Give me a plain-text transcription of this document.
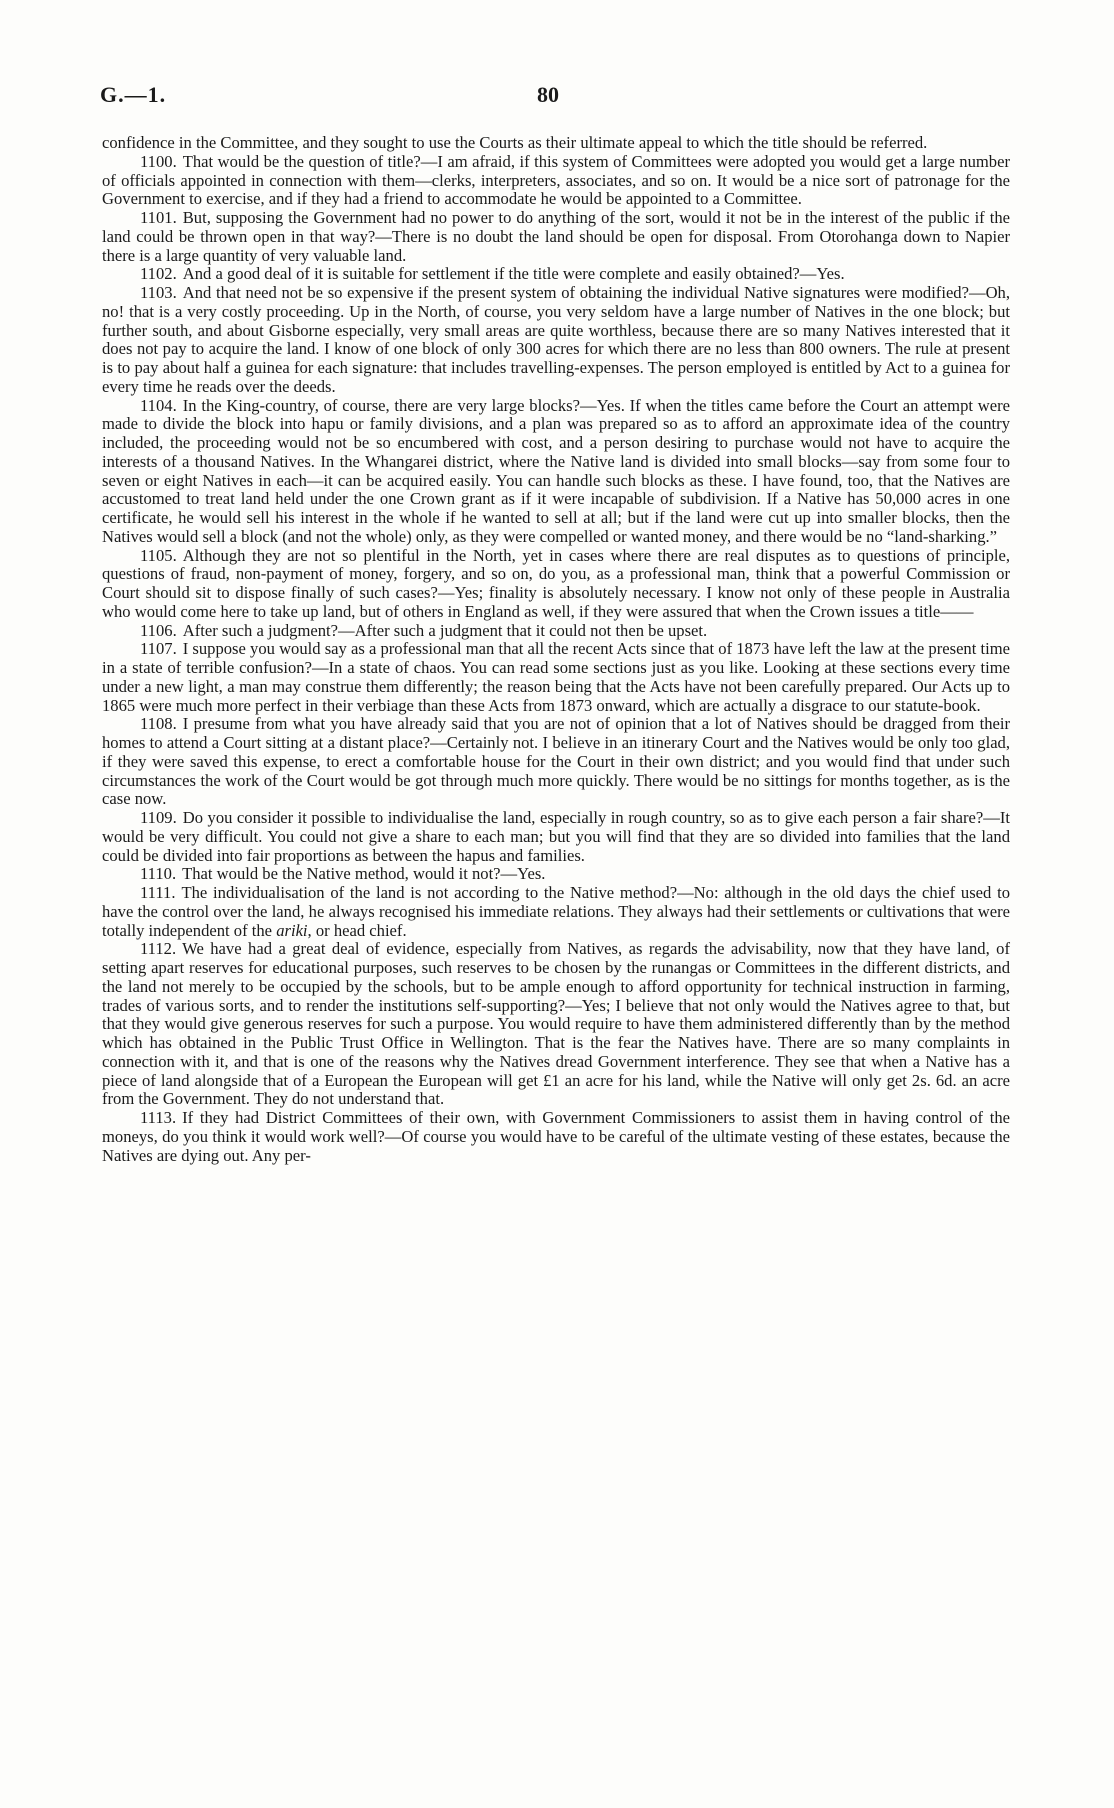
G.—1.	80

confidence in the Committee, and they sought to use the Courts as their ultimate appeal to which the title should be referred.

1100. That would be the question of title?—I am afraid, if this system of Committees were adopted you would get a large number of officials appointed in connection with them—clerks, interpreters, associates, and so on. It would be a nice sort of patronage for the Government to exercise, and if they had a friend to accommodate he would be appointed to a Committee.

1101. But, supposing the Government had no power to do anything of the sort, would it not be in the interest of the public if the land could be thrown open in that way?—There is no doubt the land should be open for disposal. From Otorohanga down to Napier there is a large quantity of very valuable land.

1102. And a good deal of it is suitable for settlement if the title were complete and easily obtained?—Yes.

1103. And that need not be so expensive if the present system of obtaining the individual Native signatures were modified?—Oh, no! that is a very costly proceeding. Up in the North, of course, you very seldom have a large number of Natives in the one block; but further south, and about Gisborne especially, very small areas are quite worthless, because there are so many Natives interested that it does not pay to acquire the land. I know of one block of only 300 acres for which there are no less than 800 owners. The rule at present is to pay about half a guinea for each signature: that includes travelling-expenses. The person employed is entitled by Act to a guinea for every time he reads over the deeds.

1104. In the King-country, of course, there are very large blocks?—Yes. If when the titles came before the Court an attempt were made to divide the block into hapu or family divisions, and a plan was prepared so as to afford an approximate idea of the country included, the proceeding would not be so encumbered with cost, and a person desiring to purchase would not have to acquire the interests of a thousand Natives. In the Whangarei district, where the Native land is divided into small blocks—say from some four to seven or eight Natives in each—it can be acquired easily. You can handle such blocks as these. I have found, too, that the Natives are accustomed to treat land held under the one Crown grant as if it were incapable of subdivision. If a Native has 50,000 acres in one certificate, he would sell his interest in the whole if he wanted to sell at all; but if the land were cut up into smaller blocks, then the Natives would sell a block (and not the whole) only, as they were compelled or wanted money, and there would be no “land-sharking.”

1105. Although they are not so plentiful in the North, yet in cases where there are real disputes as to questions of principle, questions of fraud, non-payment of money, forgery, and so on, do you, as a professional man, think that a powerful Commission or Court should sit to dispose finally of such cases?—Yes; finality is absolutely necessary. I know not only of these people in Australia who would come here to take up land, but of others in England as well, if they were assured that when the Crown issues a title——

1106. After such a judgment?—After such a judgment that it could not then be upset.

1107. I suppose you would say as a professional man that all the recent Acts since that of 1873 have left the law at the present time in a state of terrible confusion?—In a state of chaos. You can read some sections just as you like. Looking at these sections every time under a new light, a man may construe them differently; the reason being that the Acts have not been carefully prepared. Our Acts up to 1865 were much more perfect in their verbiage than these Acts from 1873 onward, which are actually a disgrace to our statute-book.

1108. I presume from what you have already said that you are not of opinion that a lot of Natives should be dragged from their homes to attend a Court sitting at a distant place?—Certainly not. I believe in an itinerary Court and the Natives would be only too glad, if they were saved this expense, to erect a comfortable house for the Court in their own district; and you would find that under such circumstances the work of the Court would be got through much more quickly. There would be no sittings for months together, as is the case now.

1109. Do you consider it possible to individualise the land, especially in rough country, so as to give each person a fair share?—It would be very difficult. You could not give a share to each man; but you will find that they are so divided into families that the land could be divided into fair proportions as between the hapus and families.

1110. That would be the Native method, would it not?—Yes.

1111. The individualisation of the land is not according to the Native method?—No: although in the old days the chief used to have the control over the land, he always recognised his immediate relations. They always had their settlements or cultivations that were totally independent of the ariki, or head chief.

1112. We have had a great deal of evidence, especially from Natives, as regards the advisability, now that they have land, of setting apart reserves for educational purposes, such reserves to be chosen by the runangas or Committees in the different districts, and the land not merely to be occupied by the schools, but to be ample enough to afford opportunity for technical instruction in farming, trades of various sorts, and to render the institutions self-supporting?—Yes; I believe that not only would the Natives agree to that, but that they would give generous reserves for such a purpose. You would require to have them administered differently than by the method which has obtained in the Public Trust Office in Wellington. That is the fear the Natives have. There are so many complaints in connection with it, and that is one of the reasons why the Natives dread Government interference. They see that when a Native has a piece of land alongside that of a European the European will get £1 an acre for his land, while the Native will only get 2s. 6d. an acre from the Government. They do not understand that.

1113. If they had District Committees of their own, with Government Commissioners to assist them in having control of the moneys, do you think it would work well?—Of course you would have to be careful of the ultimate vesting of these estates, because the Natives are dying out. Any per-
